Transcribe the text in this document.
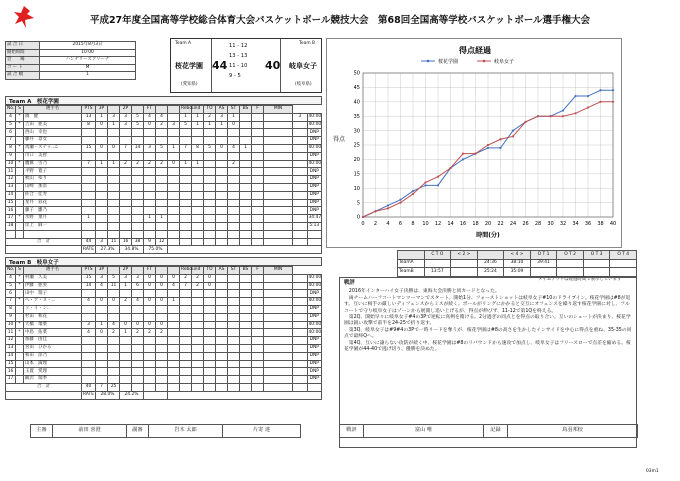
平成27年度全国高等学校総合体育大会バスケットボール競技大会　第68回全国高等学校バスケットボール選手権大会
試 合 日	2015年8月3日
開始時間	10:00
会　　場	ハンナリーズアリーナ
コ ー ト	M
試 合 順	1
Team A	Team B
桜花学園 44	40 岐阜女子
11 - 12
13 - 13
11 - 10
9 - 5
(愛知県)	(岐阜県)
Team A　桜花学園
No.	S	選手名	PTS	3P		2P		FT			Rebound		TO	AS	ST	BS	F	MIN		
4	*	濱　健	13	1	3	3	5	4	4		1	1	2	3	1				3	40:00
5	*	吉田　亜美	8	0	1	3	5	0	2	3	5	1	1	1	0					40:00
6		西山　幸也																		DNP
7		藤井　景女																		DNP
8	*	馬瀬・ステッ..ニ	15	0	0	7	14	3	5	1	7	8	5	0	4	1				40:00
9		川口　美智																		DNP
10	*	鷹鷲　雪乃	7	1	1	2	2	2	2	0	1	1			2					40:00
11		平野　寛子																		DNP
12		秋山　ゆり																		DNP
13		山崎　加奈																		DNP
14		佐合　佳寿																		DNP
15		星井　彩花																		DNP
16		藤子　雛乃																		DNP
17	*	水野　菜月	1					1	1											34:47
18		岸上　麻一																		5:13

合　計			44	3	11	16	38	9	12											
			RATE	27.3%		34.8%		75.0%												
Team B　岐阜女子
No.	S	選手名	PTS	3P		2P		FT			Rebound		TO	AS	ST	BS	F	MIN		
4	*	村瀬　久美	15	3	5	3	3	0	0	0	2	2	0							40:00
5	*	伊藤　亜実	14	4	11	1	6	0	0	4	7	2	0							40:00
6		田中　瑞子																		DNP
7	*	ヘ・ア・ヌ・...	4	0	0	2	4	0	0	1										40:00
8		ッ・イ・ン..																		DNP
9		杉田　和花																		DNP
10	*	大橋　瑠菜	3	1	4	0	0	0	0											40:00
11	*	中島　佑菜	4	0	2	1	2	2	2											40:00
12		加藤　由佳																		DNP
13		宮田　ひかる																		DNP
14		和田　涼乃																		DNP
15		山本　満理																		DNP
16		玉置　愛理																		DNP
17		飯沢　瑞季																		DNP
合　計			40	7	25															
			RATE	28.0%		24.2%														
得点経過
桜花学園	岐阜女子
0
5
10
15
20
25
30
35
40
45
50
0 2 4 6 8 10 12 14 16 18 20 22 24 26 28 30 32 34 36 38 40
得点
時間(分)
	C T O	< 2 >		< 4 >	O T 1	O T 2	O T 3	O T 4
TeamA			24:36	38:10	39:41			
TeamB	13:57		25:24	35:09				
タイムアウトは経過時間で表示しています
戦評
　2016年インターハイ女子決勝は、東海大会決勝と同カードとなった。
　両チームハーフコートマンツーマンでスタート。開始1分、フォーストショットは岐阜女子#10のドライブイン。桜花学園は#8が返す。互いに相手の厳しいディフェンスからミスが続く。ボールがリングにかかると交互にオフェンスを繰り返す桜花学園に対し、フルコートで守り岐阜女子はゾーンから展開し追い上げるが、得点が伸びず、11-12で第1Qを終える。
　第2Q、開始早々に岐阜女子#4の3Pで逆転に真剣を賭ける。2分過ぎの同点とを得点の取り合い。互いのシュートが決まり、桜花学園は鋭い攻撃で前半を24-25で折り返す。
　第3Q、岐阜女子は#9#4の3Pで一時リードを奪うが、桜花学園は#8の高さを生かしたインサイドを中心に得点を重ね、35-35の同点で最終Qへ。
　第4Q、互いに譲らない攻防が続く中、桜花学園は#8のリバウンドから速攻で加点し、岐阜女子はフリースローで点差を縮める。桜花学園が44-40で逃げ切り、優勝を決めた。
主審	前田 喜澄	副審	岩木 太郎	片寄 達	戦評	富山 唯	記録	鳥羽邦校
03m1
